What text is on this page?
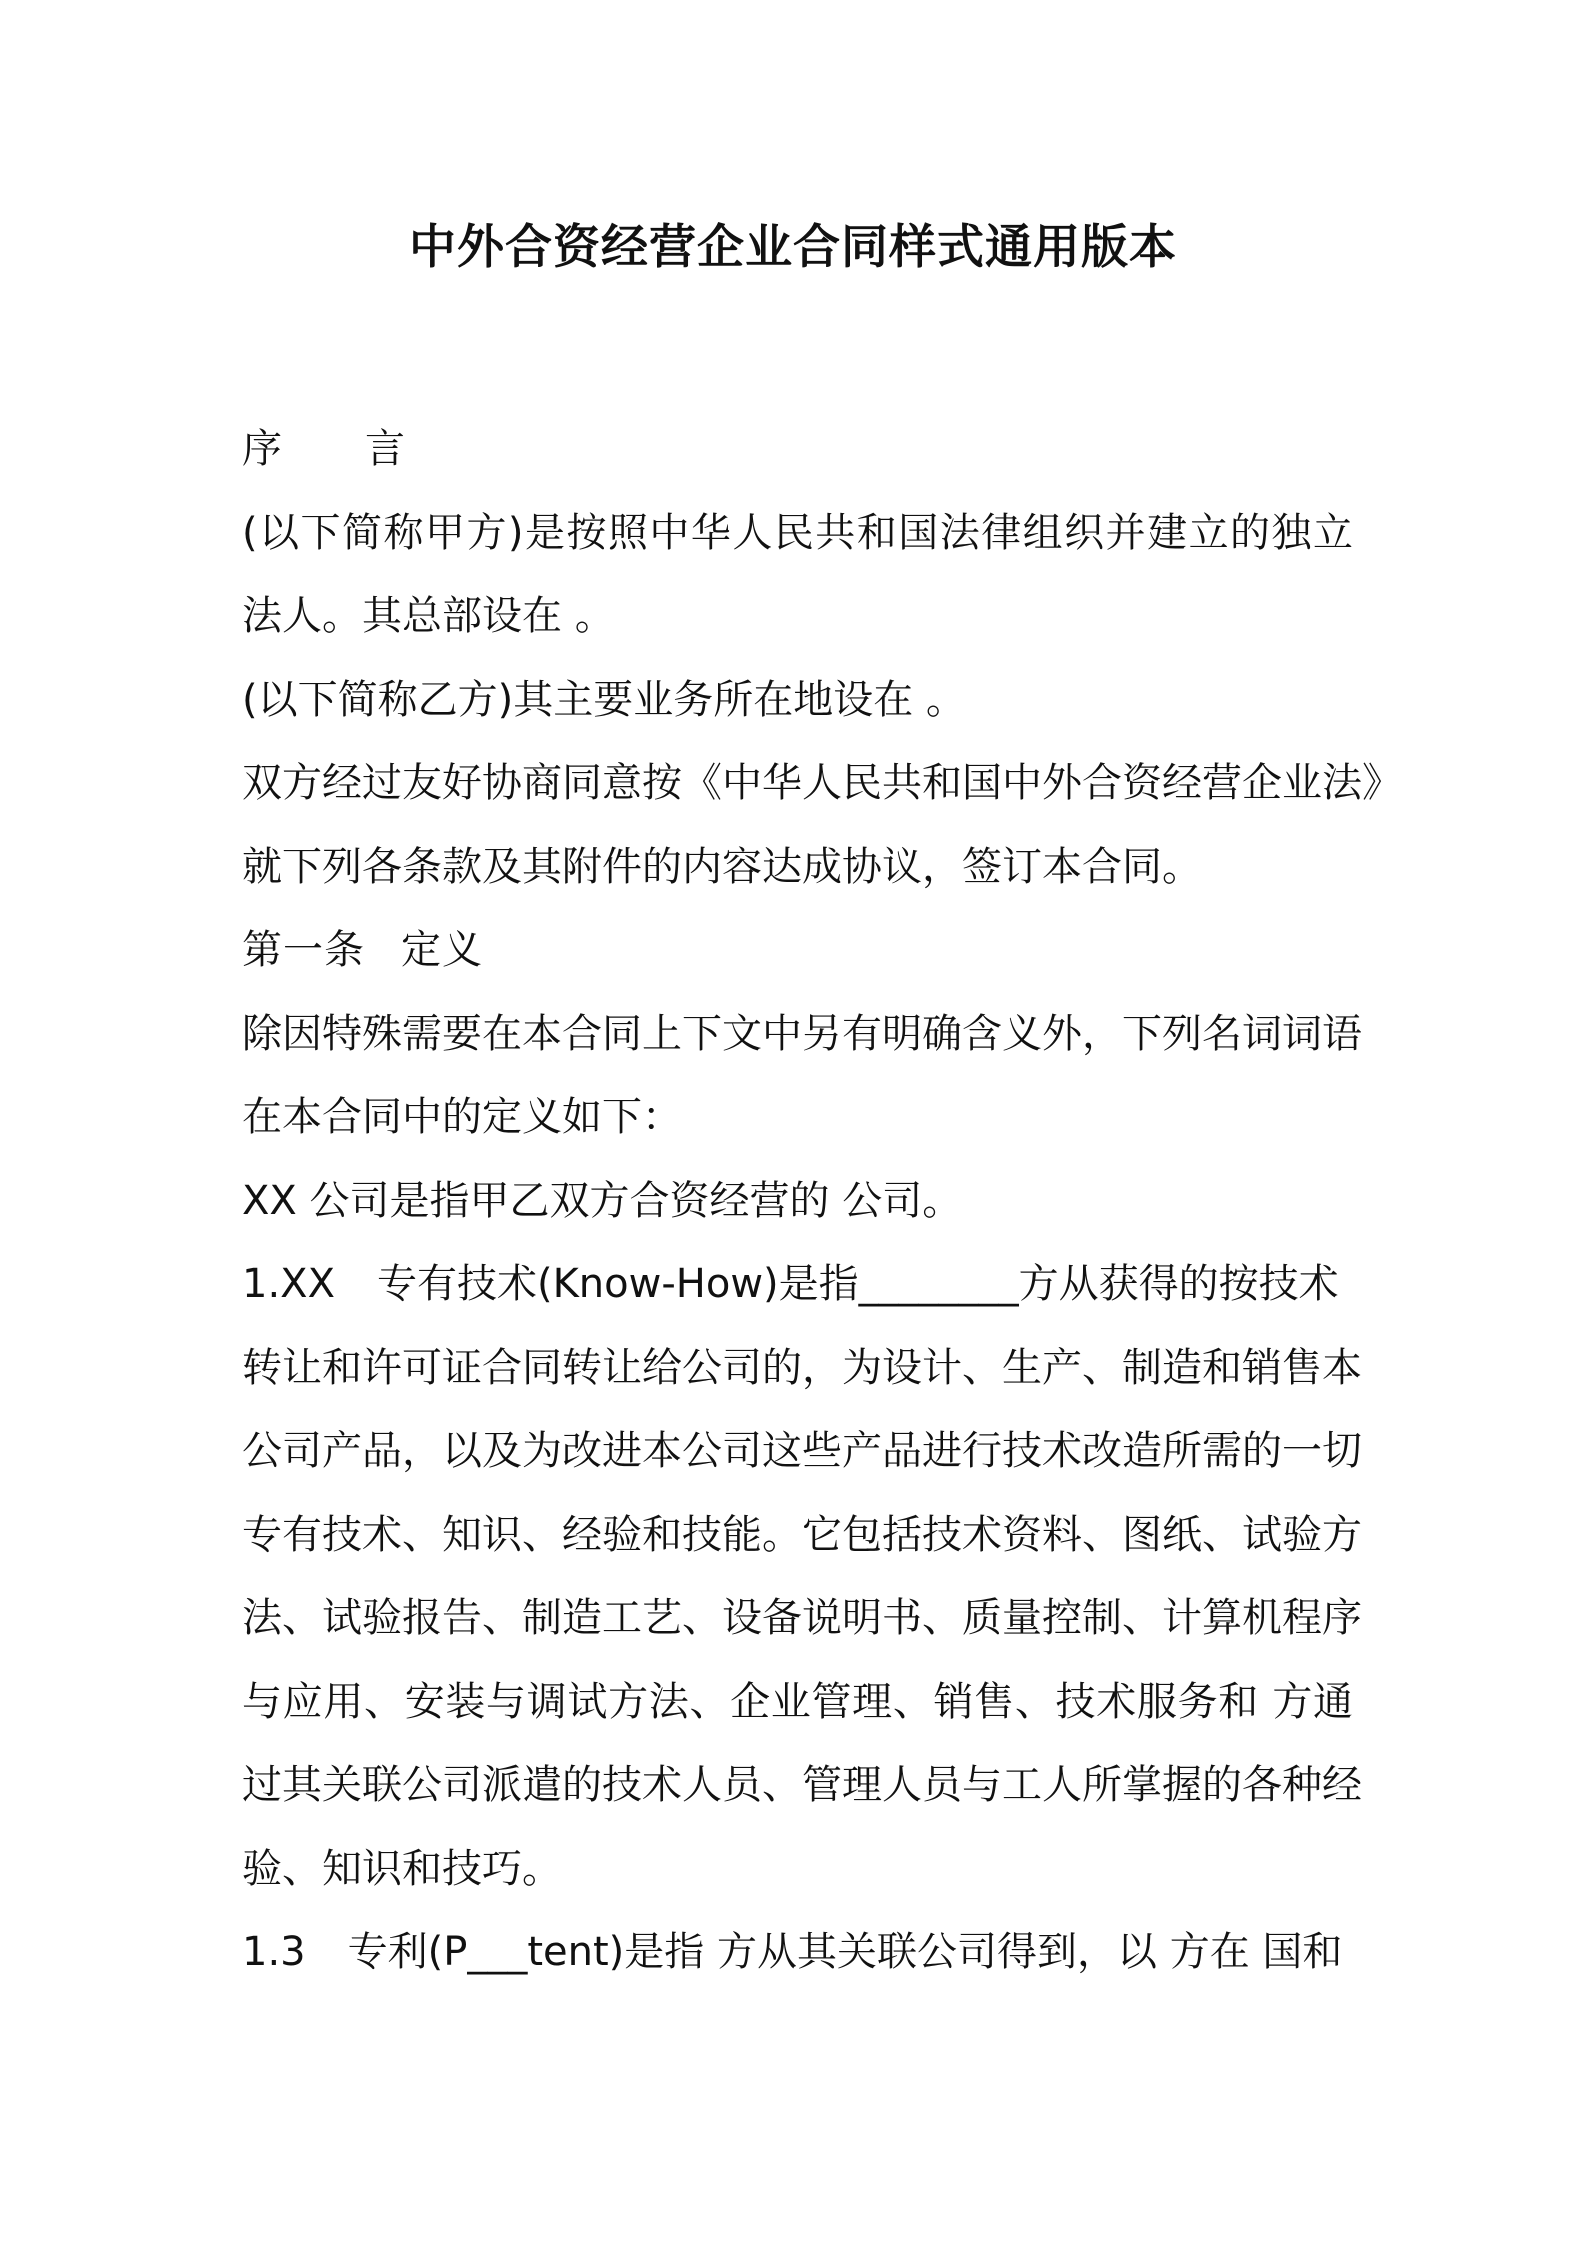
中外合资经营企业合同样式通用版本
序 言
(以下简称甲方)是按照中华人民共和国法律组织并建立的独立
法人。其总部设在 。
(以下简称乙方)其主要业务所在地设在 。
双方经过友好协商同意按《中华人民共和国中外合资经营企业法》
就下列各条款及其附件的内容达成协议，签订本合同。
第一条 定义
除因特殊需要在本合同上下文中另有明确含义外，下列名词词语
在本合同中的定义如下：
XX 公司是指甲乙双方合资经营的 公司。
1.XX 专有技术(Know-How)是指________方从获得的按技术
转让和许可证合同转让给公司的，为设计、生产、制造和销售本
公司产品，以及为改进本公司这些产品进行技术改造所需的一切
专有技术、知识、经验和技能。它包括技术资料、图纸、试验方
法、试验报告、制造工艺、设备说明书、质量控制、计算机程序
与应用、安装与调试方法、企业管理、销售、技术服务和 方通
过其关联公司派遣的技术人员、管理人员与工人所掌握的各种经
验、知识和技巧。
1.3 专利(P___tent)是指 方从其关联公司得到，以 方在 国和
